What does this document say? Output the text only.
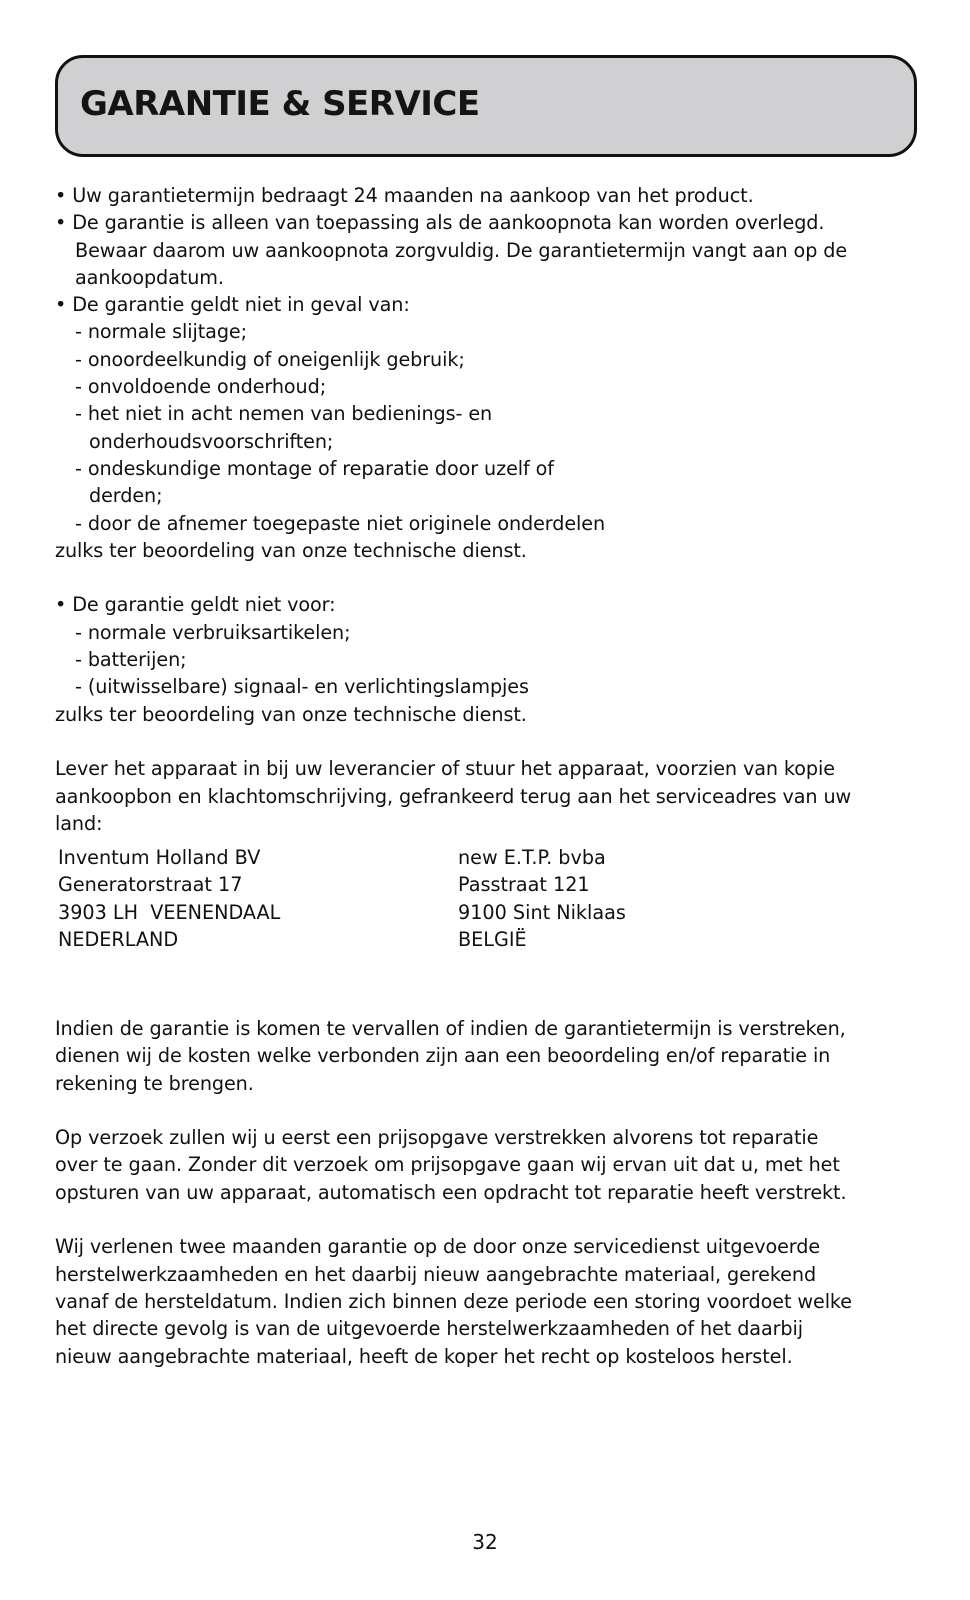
GARANTIE & SERVICE
• Uw garantietermijn bedraagt 24 maanden na aankoop van het product.
• De garantie is alleen van toepassing als de aankoopnota kan worden overlegd.
Bewaar daarom uw aankoopnota zorgvuldig. De garantietermijn vangt aan op de
aankoopdatum.
• De garantie geldt niet in geval van:
- normale slijtage;
- onoordeelkundig of oneigenlijk gebruik;
- onvoldoende onderhoud;
- het niet in acht nemen van bedienings- en
onderhoudsvoorschriften;
- ondeskundige montage of reparatie door uzelf of
derden;
- door de afnemer toegepaste niet originele onderdelen
zulks ter beoordeling van onze technische dienst.
• De garantie geldt niet voor:
- normale verbruiksartikelen;
- batterijen;
- (uitwisselbare) signaal- en verlichtingslampjes
zulks ter beoordeling van onze technische dienst.
Lever het apparaat in bij uw leverancier of stuur het apparaat, voorzien van kopie
aankoopbon en klachtomschrijving, gefrankeerd terug aan het serviceadres van uw
land:
Inventum Holland BV
Generatorstraat 17
3903 LH  VEENENDAAL
NEDERLAND
new E.T.P. bvba
Passtraat 121
9100 Sint Niklaas
BELGIË
Indien de garantie is komen te vervallen of indien de garantietermijn is verstreken,
dienen wij de kosten welke verbonden zijn aan een beoordeling en/of reparatie in
rekening te brengen.
Op verzoek zullen wij u eerst een prijsopgave verstrekken alvorens tot reparatie
over te gaan. Zonder dit verzoek om prijsopgave gaan wij ervan uit dat u, met het
opsturen van uw apparaat, automatisch een opdracht tot reparatie heeft verstrekt.
Wij verlenen twee maanden garantie op de door onze servicedienst uitgevoerde
herstelwerkzaamheden en het daarbij nieuw aangebrachte materiaal, gerekend
vanaf de hersteldatum. Indien zich binnen deze periode een storing voordoet welke
het directe gevolg is van de uitgevoerde herstelwerkzaamheden of het daarbij
nieuw aangebrachte materiaal, heeft de koper het recht op kosteloos herstel.
32
